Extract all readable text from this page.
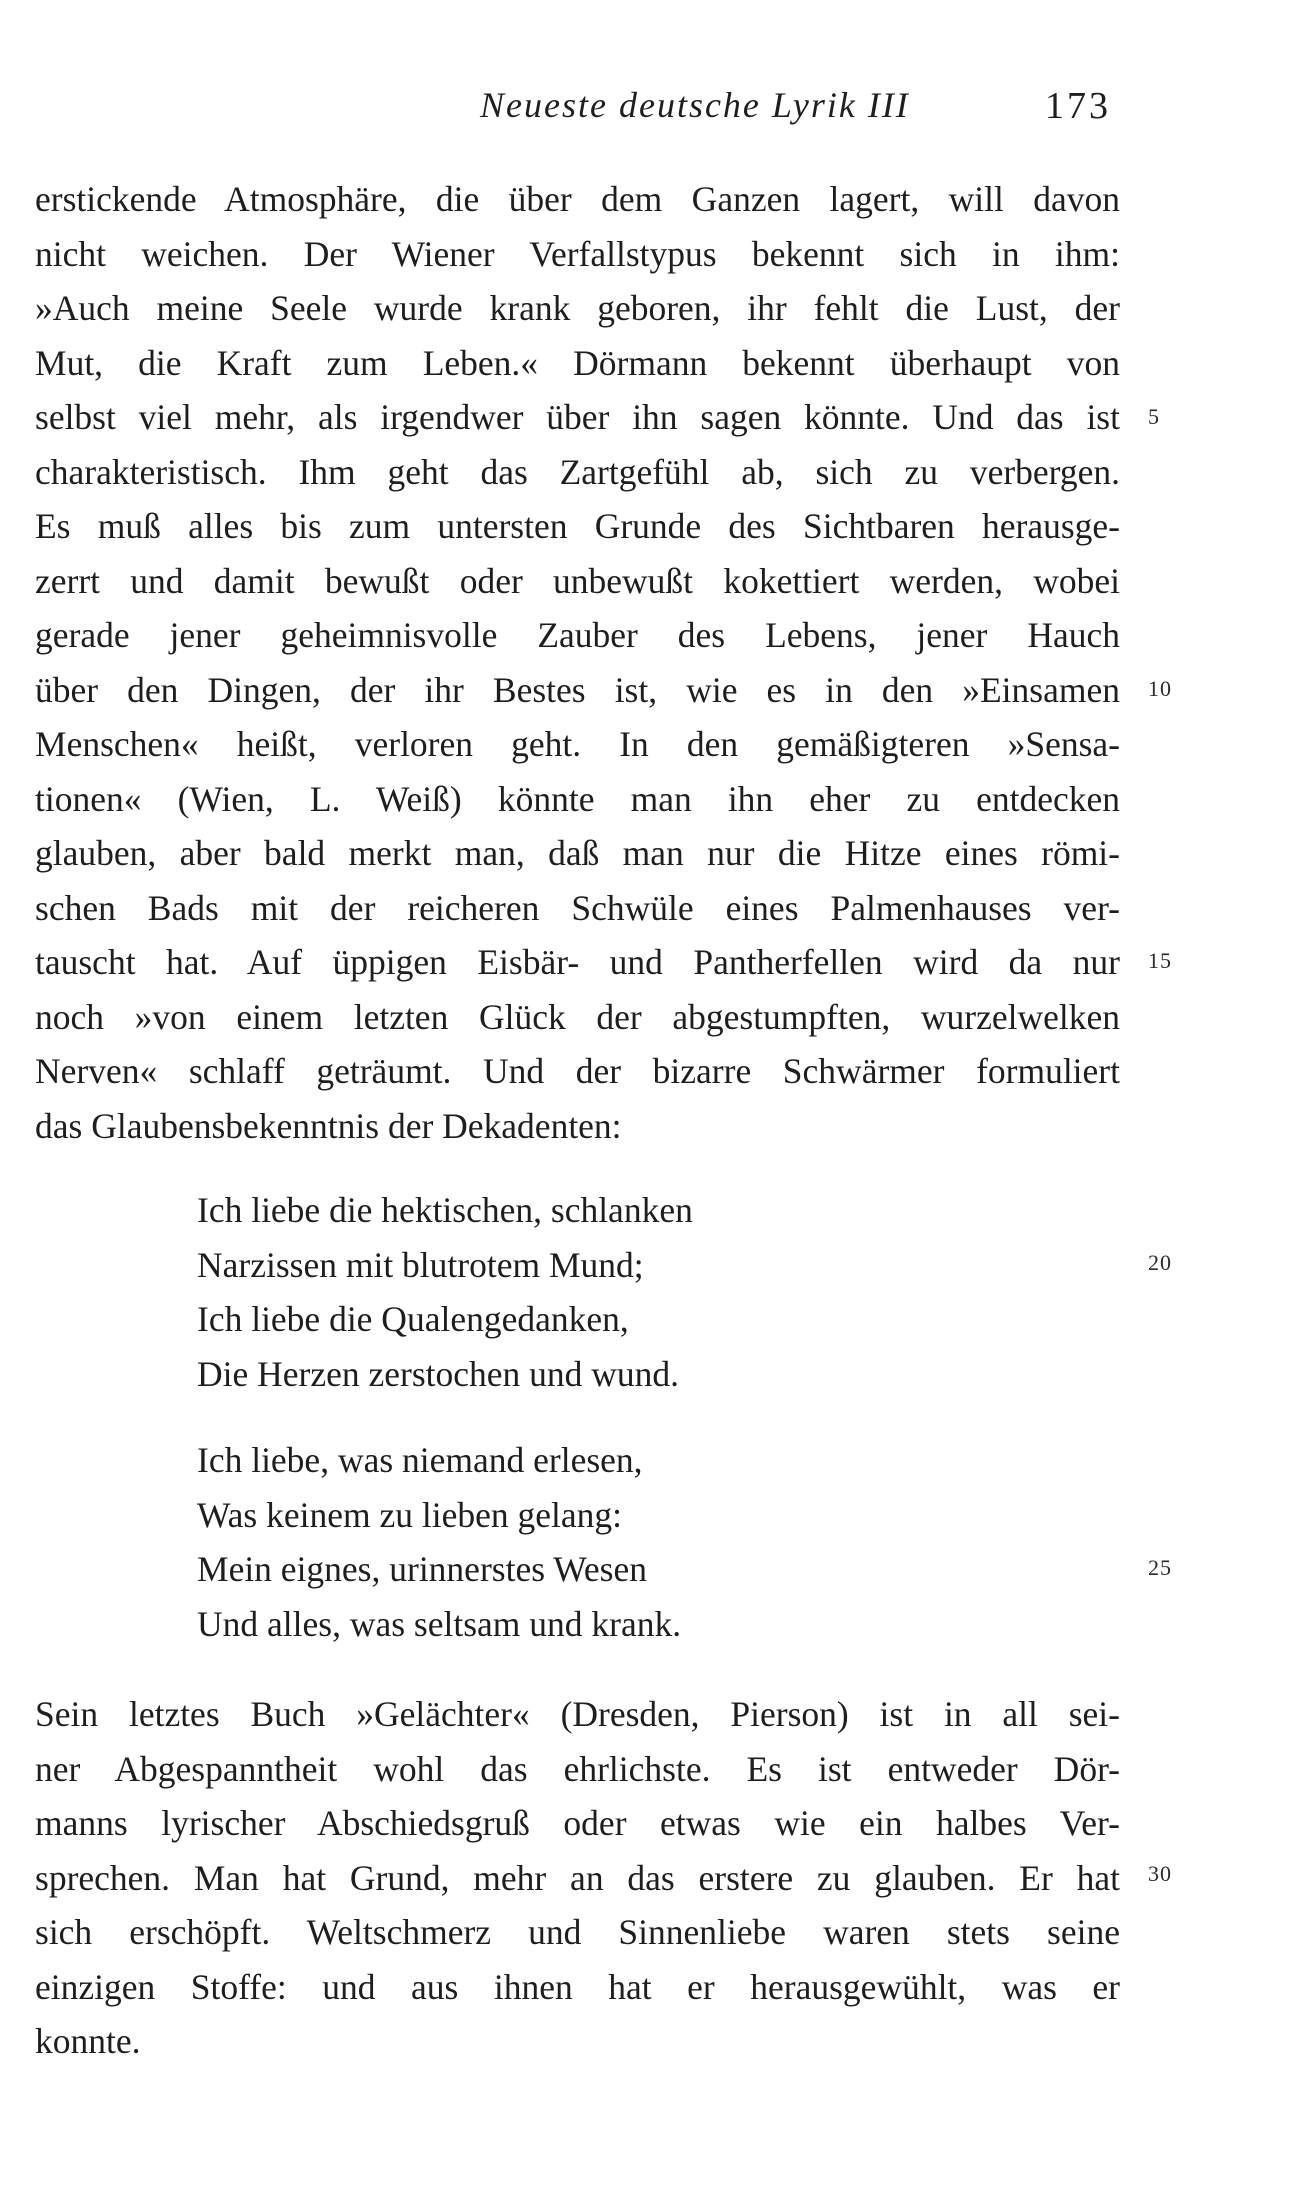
Neueste deutsche Lyrik III	173
erstickende Atmosphäre, die über dem Ganzen lagert, will davon
nicht weichen. Der Wiener Verfallstypus bekennt sich in ihm:
»Auch meine Seele wurde krank geboren, ihr fehlt die Lust, der
Mut, die Kraft zum Leben.« Dörmann bekennt überhaupt von
selbst viel mehr, als irgendwer über ihn sagen könnte. Und das ist
charakteristisch. Ihm geht das Zartgefühl ab, sich zu verbergen.
Es muß alles bis zum untersten Grunde des Sichtbaren herausge-
zerrt und damit bewußt oder unbewußt kokettiert werden, wobei
gerade jener geheimnisvolle Zauber des Lebens, jener Hauch
über den Dingen, der ihr Bestes ist, wie es in den »Einsamen
Menschen« heißt, verloren geht. In den gemäßigteren »Sensa-
tionen« (Wien, L. Weiß) könnte man ihn eher zu entdecken
glauben, aber bald merkt man, daß man nur die Hitze eines römi-
schen Bads mit der reicheren Schwüle eines Palmenhauses ver-
tauscht hat. Auf üppigen Eisbär- und Pantherfellen wird da nur
noch »von einem letzten Glück der abgestumpften, wurzelwelken
Nerven« schlaff geträumt. Und der bizarre Schwärmer formuliert
das Glaubensbekenntnis der Dekadenten:
Ich liebe die hektischen, schlanken
Narzissen mit blutrotem Mund;
Ich liebe die Qualengedanken,
Die Herzen zerstochen und wund.
Ich liebe, was niemand erlesen,
Was keinem zu lieben gelang:
Mein eignes, urinnerstes Wesen
Und alles, was seltsam und krank.
Sein letztes Buch »Gelächter« (Dresden, Pierson) ist in all sei-
ner Abgespanntheit wohl das ehrlichste. Es ist entweder Dör-
manns lyrischer Abschiedsgruß oder etwas wie ein halbes Ver-
sprechen. Man hat Grund, mehr an das erstere zu glauben. Er hat
sich erschöpft. Weltschmerz und Sinnenliebe waren stets seine
einzigen Stoffe: und aus ihnen hat er herausgewühlt, was er
konnte.
5
10
15
20
25
30
